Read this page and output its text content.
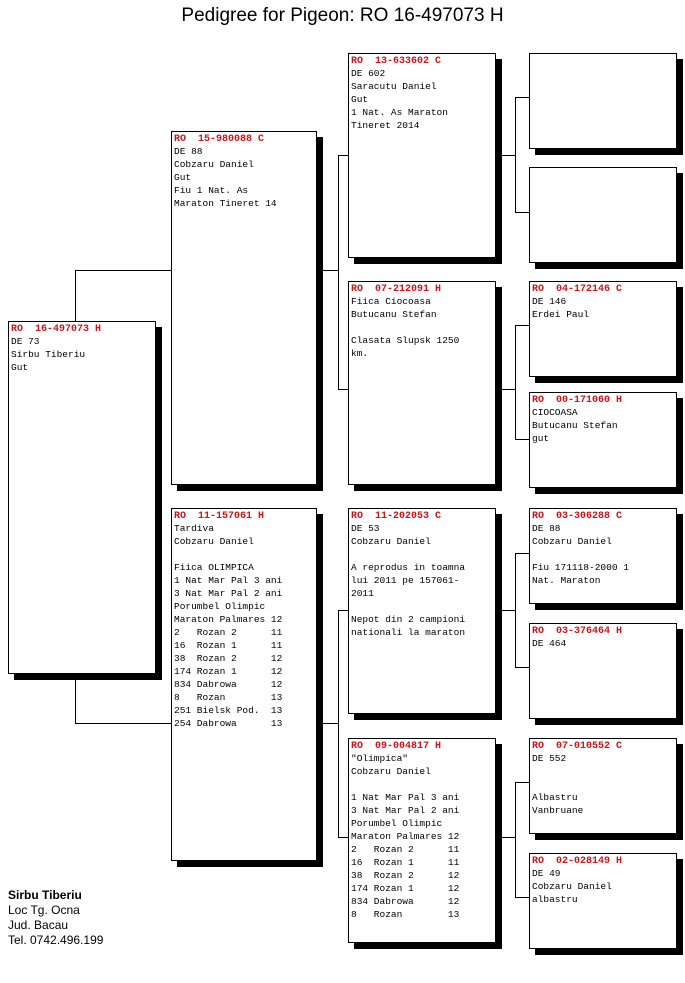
Pedigree for Pigeon: RO 16-497073 H
RO  16-497073 H
DE 73
Sirbu Tiberiu
Gut
RO  15-980088 C
DE 88
Cobzaru Daniel
Gut
Fiu 1 Nat. As
Maraton Tineret 14
RO  11-157061 H
Tardiva
Cobzaru Daniel

Fiica OLIMPICA
1 Nat Mar Pal 3 ani
3 Nat Mar Pal 2 ani
Porumbel Olimpic
Maraton Palmares 12
2   Rozan 2      11
16  Rozan 1      11
38  Rozan 2      12
174 Rozan 1      12
834 Dabrowa      12
8   Rozan        13
251 Bielsk Pod.  13
254 Dabrowa      13
RO  13-633602 C
DE 602
Saracutu Daniel
Gut
1 Nat. As Maraton
Tineret 2014
RO  07-212091 H
Fiica Ciocoasa
Butucanu Stefan

Clasata Slupsk 1250
km.
RO  11-202053 C
DE 53
Cobzaru Daniel

A reprodus in toamna
lui 2011 pe 157061-
2011

Nepot din 2 campioni
nationali la maraton
RO  09-004817 H
"Olimpica"
Cobzaru Daniel

1 Nat Mar Pal 3 ani
3 Nat Mar Pal 2 ani
Porumbel Olimpic
Maraton Palmares 12
2   Rozan 2      11
16  Rozan 1      11
38  Rozan 2      12
174 Rozan 1      12
834 Dabrowa      12
8   Rozan        13
RO  04-172146 C
DE 146
Erdei Paul
RO  00-171060 H
CIOCOASA
Butucanu Stefan
gut
RO  03-306288 C
DE 88
Cobzaru Daniel

Fiu 171118-2000 1
Nat. Maraton
RO  03-376464 H
DE 464
RO  07-010552 C
DE 552

Albastru
Vanbruane
RO  02-028149 H
DE 49
Cobzaru Daniel
albastru
Sirbu Tiberiu
Loc Tg. Ocna
Jud. Bacau
Tel. 0742.496.199
